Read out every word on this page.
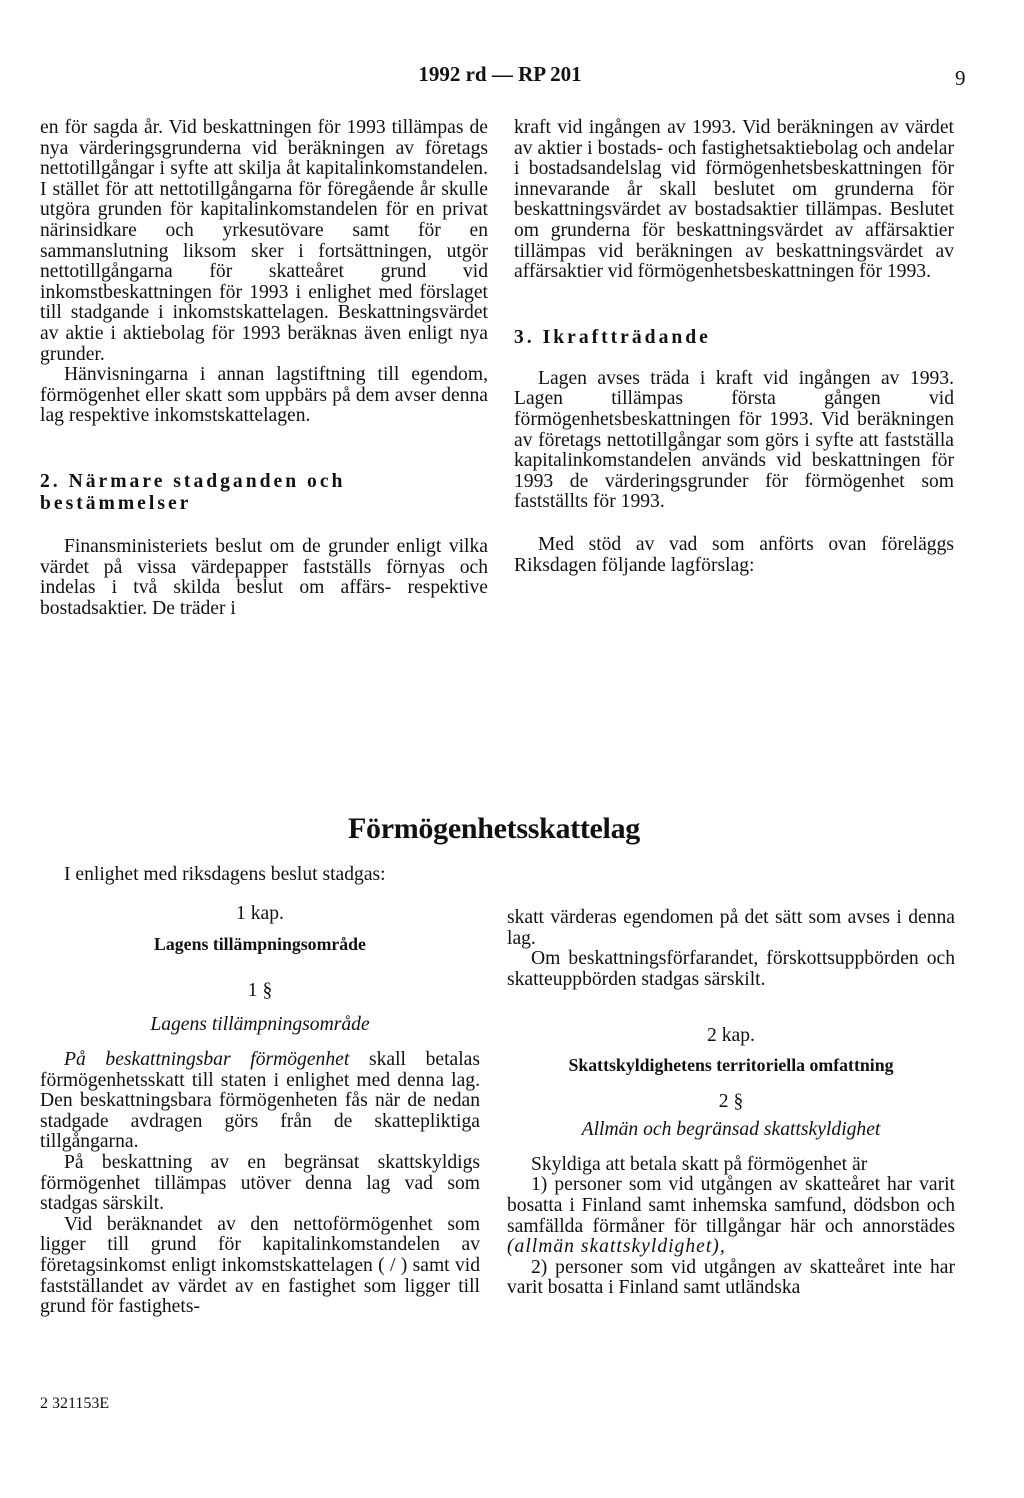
1992 rd — RP 201	9

en för sagda år. Vid beskattningen för 1993 tillämpas de nya värderingsgrunderna vid beräkningen av företags nettotillgångar i syfte att skilja åt kapitalinkomstandelen. I stället för att nettotillgångarna för föregående år skulle utgöra grunden för kapitalinkomstandelen för en privat närinsidkare och yrkesutövare samt för en sammanslutning liksom sker i fortsättningen, utgör nettotillgångarna för skatteåret grund vid inkomstbeskattningen för 1993 i enlighet med förslaget till stadgande i inkomstskattelagen. Beskattningsvärdet av aktie i aktiebolag för 1993 beräknas även enligt nya grunder.

Hänvisningarna i annan lagstiftning till egendom, förmögenhet eller skatt som uppbärs på dem avser denna lag respektive inkomstskattelagen.

2. Närmare stadganden och bestämmelser

Finansministeriets beslut om de grunder enligt vilka värdet på vissa värdepapper fastställs förnyas och indelas i två skilda beslut om affärs- respektive bostadsaktier. De träder i

kraft vid ingången av 1993. Vid beräkningen av värdet av aktier i bostads- och fastighetsaktiebolag och andelar i bostadsandelslag vid förmögenhetsbeskattningen för innevarande år skall beslutet om grunderna för beskattningsvärdet av bostadsaktier tillämpas. Beslutet om grunderna för beskattningsvärdet av affärsaktier tillämpas vid beräkningen av beskattningsvärdet av affärsaktier vid förmögenhetsbeskattningen för 1993.

3. Ikraftträdande

Lagen avses träda i kraft vid ingången av 1993. Lagen tillämpas första gången vid förmögenhetsbeskattningen för 1993. Vid beräkningen av företags nettotillgångar som görs i syfte att fastställa kapitalinkomstandelen används vid beskattningen för 1993 de värderingsgrunder för förmögenhet som fastställts för 1993.

Med stöd av vad som anförts ovan föreläggs Riksdagen följande lagförslag:

Förmögenhetsskattelag

I enlighet med riksdagens beslut stadgas:

1 kap.

Lagens tillämpningsområde

1 §

Lagens tillämpningsområde

På beskattningsbar förmögenhet skall betalas förmögenhetsskatt till staten i enlighet med denna lag. Den beskattningsbara förmögenheten fås när de nedan stadgade avdragen görs från de skattepliktiga tillgångarna.

På beskattning av en begränsat skattskyldigs förmögenhet tillämpas utöver denna lag vad som stadgas särskilt.

Vid beräknandet av den nettoförmögenhet som ligger till grund för kapitalinkomstandelen av företagsinkomst enligt inkomstskattelagen ( / ) samt vid fastställandet av värdet av en fastighet som ligger till grund för fastighets-

skatt värderas egendomen på det sätt som avses i denna lag.

Om beskattningsförfarandet, förskottsuppbörden och skatteuppbörden stadgas särskilt.

2 kap.

Skattskyldighetens territoriella omfattning

2 §

Allmän och begränsad skattskyldighet

Skyldiga att betala skatt på förmögenhet är

1) personer som vid utgången av skatteåret har varit bosatta i Finland samt inhemska samfund, dödsbon och samfällda förmåner för tillgångar här och annorstädes (allmän skattskyldighet),

2) personer som vid utgången av skatteåret inte har varit bosatta i Finland samt utländska

2 321153E
